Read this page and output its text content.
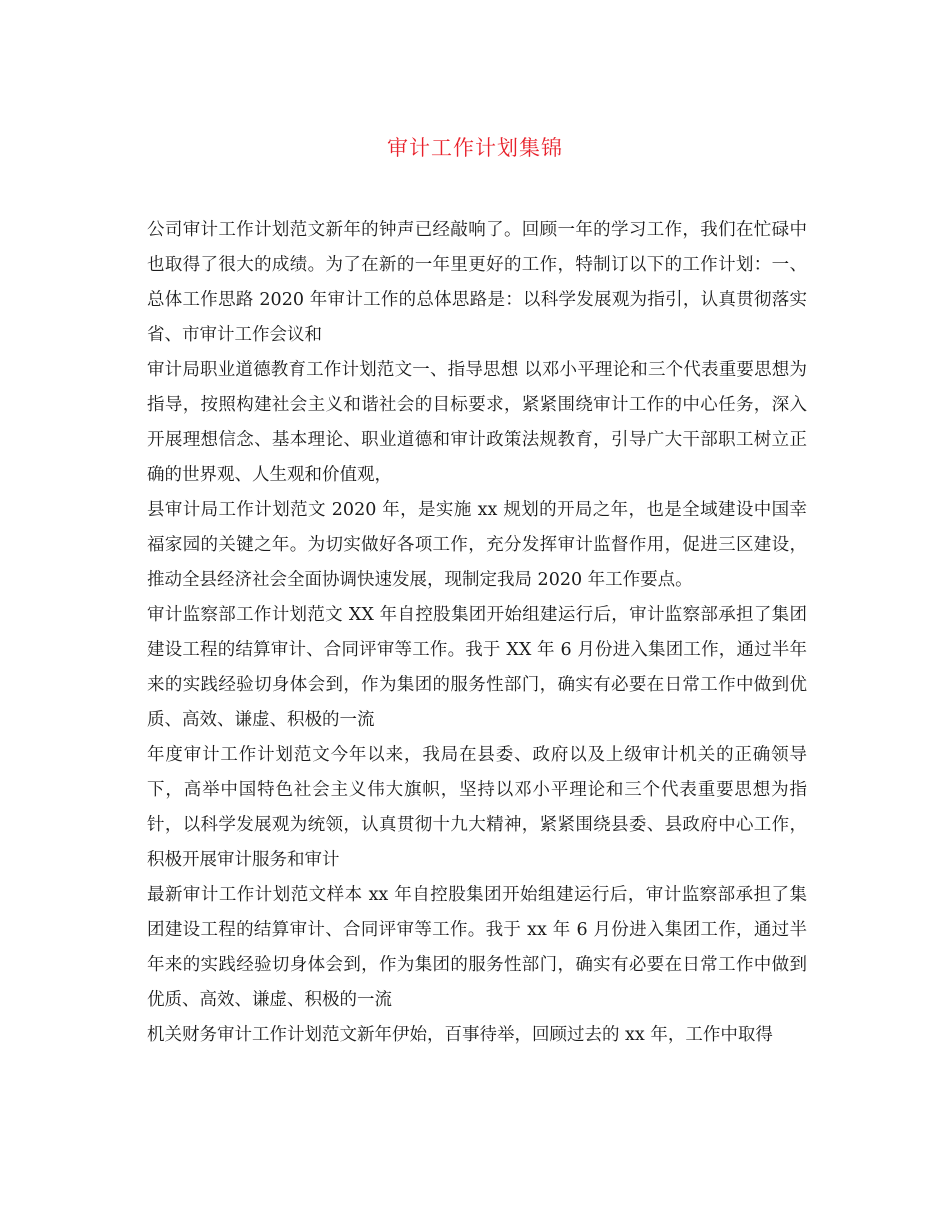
审计工作计划集锦

公司审计工作计划范文新年的钟声已经敲响了。回顾一年的学习工作，我们在忙碌中也取得了很大的成绩。为了在新的一年里更好的工作，特制订以下的工作计划：一、总体工作思路 2020 年审计工作的总体思路是：以科学发展观为指引，认真贯彻落实省、市审计工作会议和

审计局职业道德教育工作计划范文一、指导思想 以邓小平理论和三个代表重要思想为指导，按照构建社会主义和谐社会的目标要求，紧紧围绕审计工作的中心任务，深入开展理想信念、基本理论、职业道德和审计政策法规教育，引导广大干部职工树立正确的世界观、人生观和价值观，

县审计局工作计划范文 2020 年，是实施 xx 规划的开局之年，也是全域建设中国幸福家园的关键之年。为切实做好各项工作，充分发挥审计监督作用，促进三区建设，推动全县经济社会全面协调快速发展，现制定我局 2020 年工作要点。

审计监察部工作计划范文 XX 年自控股集团开始组建运行后，审计监察部承担了集团建设工程的结算审计、合同评审等工作。我于 XX 年 6 月份进入集团工作，通过半年来的实践经验切身体会到，作为集团的服务性部门，确实有必要在日常工作中做到优质、高效、谦虚、积极的一流

年度审计工作计划范文今年以来，我局在县委、政府以及上级审计机关的正确领导下，高举中国特色社会主义伟大旗帜，坚持以邓小平理论和三个代表重要思想为指针，以科学发展观为统领，认真贯彻十九大精神，紧紧围绕县委、县政府中心工作，积极开展审计服务和审计

最新审计工作计划范文样本 xx 年自控股集团开始组建运行后，审计监察部承担了集团建设工程的结算审计、合同评审等工作。我于 xx 年 6 月份进入集团工作，通过半年来的实践经验切身体会到，作为集团的服务性部门，确实有必要在日常工作中做到优质、高效、谦虚、积极的一流

机关财务审计工作计划范文新年伊始，百事待举，回顾过去的 xx 年，工作中取得
